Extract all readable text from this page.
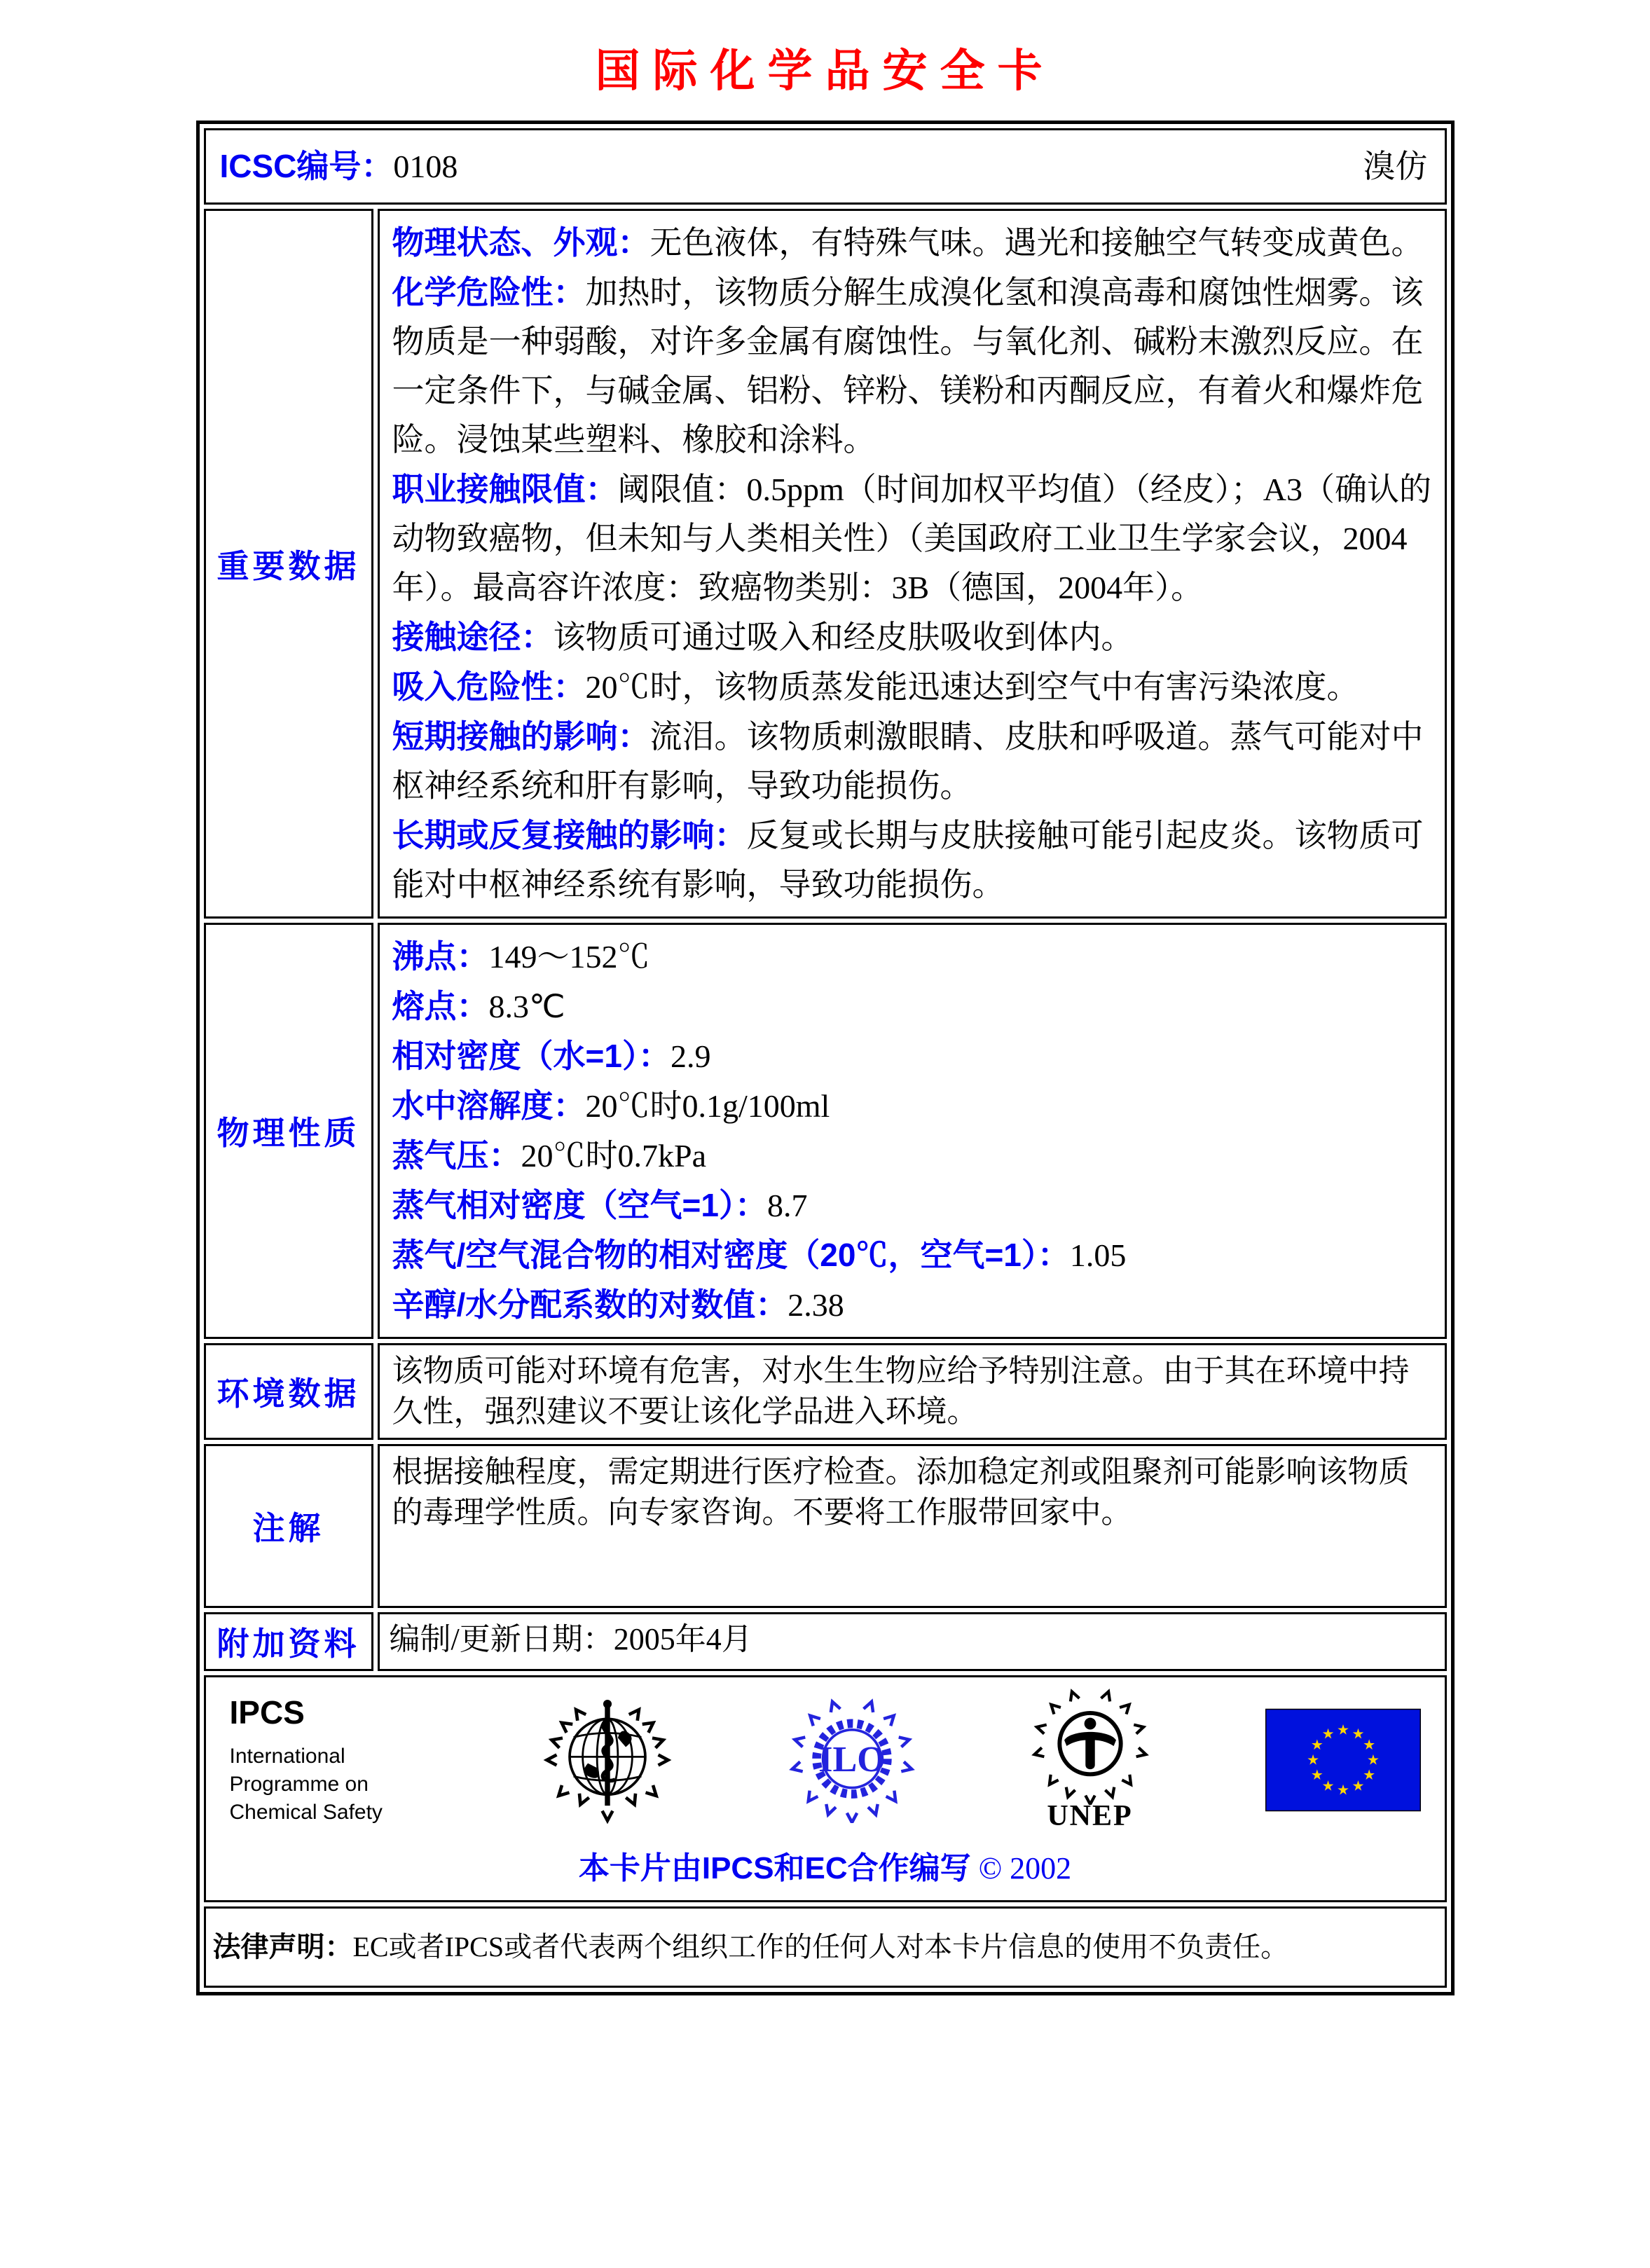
国际化学品安全卡
ICSC编号：0108 溴仿	

重要数据	
物理状态、外观：无色液体，有特殊气味。遇光和接触空气转变成黄色。
化学危险性：加热时，该物质分解生成溴化氢和溴高毒和腐蚀性烟雾。该物质是一种弱酸，对许多金属有腐蚀性。与氧化剂、碱粉末激烈反应。在一定条件下，与碱金属、铝粉、锌粉、镁粉和丙酮反应，有着火和爆炸危险。浸蚀某些塑料、橡胶和涂料。
职业接触限值：阈限值：0.5ppm（时间加权平均值）（经皮）；A3（确认的动物致癌物，但未知与人类相关性）（美国政府工业卫生学家会议，2004年）。最高容许浓度：致癌物类别：3B（德国，2004年）。
接触途径：该物质可通过吸入和经皮肤吸收到体内。
吸入危险性：20℃时，该物质蒸发能迅速达到空气中有害污染浓度。
短期接触的影响：流泪。该物质刺激眼睛、皮肤和呼吸道。蒸气可能对中枢神经系统和肝有影响，导致功能损伤。
长期或反复接触的影响：反复或长期与皮肤接触可能引起皮炎。该物质可能对中枢神经系统有影响，导致功能损伤。

物理性质	
沸点：149～152℃
熔点：8.3℃
相对密度（水=1）：2.9
水中溶解度：20℃时0.1g/100ml
蒸气压：20℃时0.7kPa
蒸气相对密度（空气=1）：8.7
蒸气/空气混合物的相对密度（20℃，空气=1）：1.05
辛醇/水分配系数的对数值：2.38

环境数据	该物质可能对环境有危害，对水生生物应给予特别注意。由于其在环境中持久性，强烈建议不要让该化学品进入环境。
注解	根据接触程度，需定期进行医疗检查。添加稳定剂或阻聚剂可能影响该物质的毒理学性质。向专家咨询。不要将工作服带回家中。
附加资料	编制/更新日期：2005年4月

IPCS
International
Programme on
Chemical Safety
ILO
UNEP
本卡片由IPCS和EC合作编写 © 2002

法律声明：EC或者IPCS或者代表两个组织工作的任何人对本卡片信息的使用不负责任。	
